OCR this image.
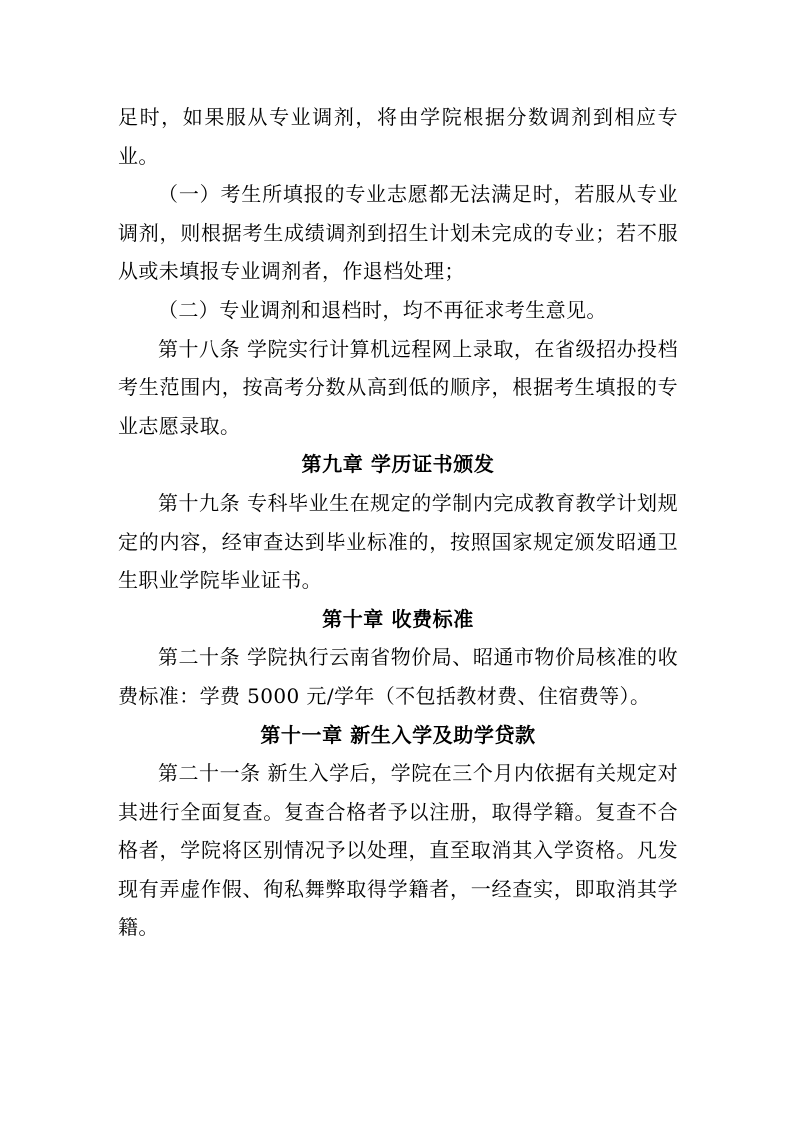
足时，如果服从专业调剂，将由学院根据分数调剂到相应专业。

（一）考生所填报的专业志愿都无法满足时，若服从专业调剂，则根据考生成绩调剂到招生计划未完成的专业；若不服从或未填报专业调剂者，作退档处理；

（二）专业调剂和退档时，均不再征求考生意见。

第十八条 学院实行计算机远程网上录取，在省级招办投档考生范围内，按高考分数从高到低的顺序，根据考生填报的专业志愿录取。

第九章 学历证书颁发

第十九条 专科毕业生在规定的学制内完成教育教学计划规定的内容，经审查达到毕业标准的，按照国家规定颁发昭通卫生职业学院毕业证书。

第十章 收费标准

第二十条 学院执行云南省物价局、昭通市物价局核准的收费标准：学费 5000 元/学年（不包括教材费、住宿费等）。

第十一章 新生入学及助学贷款

第二十一条 新生入学后，学院在三个月内依据有关规定对其进行全面复查。复查合格者予以注册，取得学籍。复查不合格者，学院将区别情况予以处理，直至取消其入学资格。凡发现有弄虚作假、徇私舞弊取得学籍者，一经查实，即取消其学籍。
